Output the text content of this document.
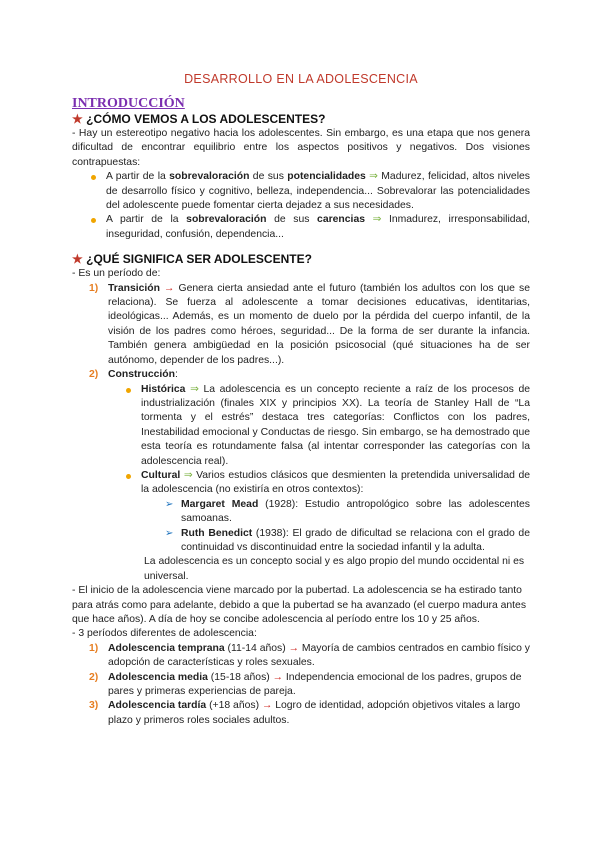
DESARROLLO EN LA ADOLESCENCIA
INTRODUCCIÓN
★ ¿CÓMO VEMOS A LOS ADOLESCENTES?

- Hay un estereotipo negativo hacia los adolescentes. Sin embargo, es una etapa que nos genera dificultad de encontrar equilibrio entre los aspectos positivos y negativos. Dos visiones contrapuestas:

A partir de la sobrevaloración de sus potencialidades ⇒ Madurez, felicidad, altos niveles de desarrollo físico y cognitivo, belleza, independencia... Sobrevalorar las potencialidades del adolescente puede fomentar cierta dejadez a sus necesidades.
A partir de la sobrevaloración de sus carencias ⇒ Inmadurez, irresponsabilidad, inseguridad, confusión, dependencia...
★ ¿QUÉ SIGNIFICA SER ADOLESCENTE?

- Es un período de:

1) Transición → Genera cierta ansiedad ante el futuro (también los adultos con los que se relaciona). Se fuerza al adolescente a tomar decisiones educativas, identitarias, ideológicas... Además, es un momento de duelo por la pérdida del cuerpo infantil, de la visión de los padres como héroes, seguridad... De la forma de ser durante la infancia. También genera ambigüedad en la posición psicosocial (qué situaciones ha de ser autónomo, depender de los padres...).
2) Construcción:
Histórica ⇒ La adolescencia es un concepto reciente a raíz de los procesos de industrialización (finales XIX y principios XX). La teoría de Stanley Hall de “La tormenta y el estrés” destaca tres categorías: Conflictos con los padres, Inestabilidad emocional y Conductas de riesgo. Sin embargo, se ha demostrado que esta teoría es rotundamente falsa (al intentar corresponder las categorías con la adolescencia real).
Cultural ⇒ Varios estudios clásicos que desmienten la pretendida universalidad de la adolescencia (no existiría en otros contextos):
➢ Margaret Mead (1928): Estudio antropológico sobre las adolescentes samoanas.
➢ Ruth Benedict (1938): El grado de dificultad se relaciona con el grado de continuidad vs discontinuidad entre la sociedad infantil y la adulta.

La adolescencia es un concepto social y es algo propio del mundo occidental ni es universal.

- El inicio de la adolescencia viene marcado por la pubertad. La adolescencia se ha estirado tanto para atrás como para adelante, debido a que la pubertad se ha avanzado (el cuerpo madura antes que hace años). A día de hoy se concibe adolescencia al período entre los 10 y 25 años.

- 3 períodos diferentes de adolescencia:

1) Adolescencia temprana (11-14 años) → Mayoría de cambios centrados en cambio físico y adopción de características y roles sexuales.
2) Adolescencia media (15-18 años) → Independencia emocional de los padres, grupos de pares y primeras experiencias de pareja.
3) Adolescencia tardía (+18 años) → Logro de identidad, adopción objetivos vitales a largo plazo y primeros roles sociales adultos.
